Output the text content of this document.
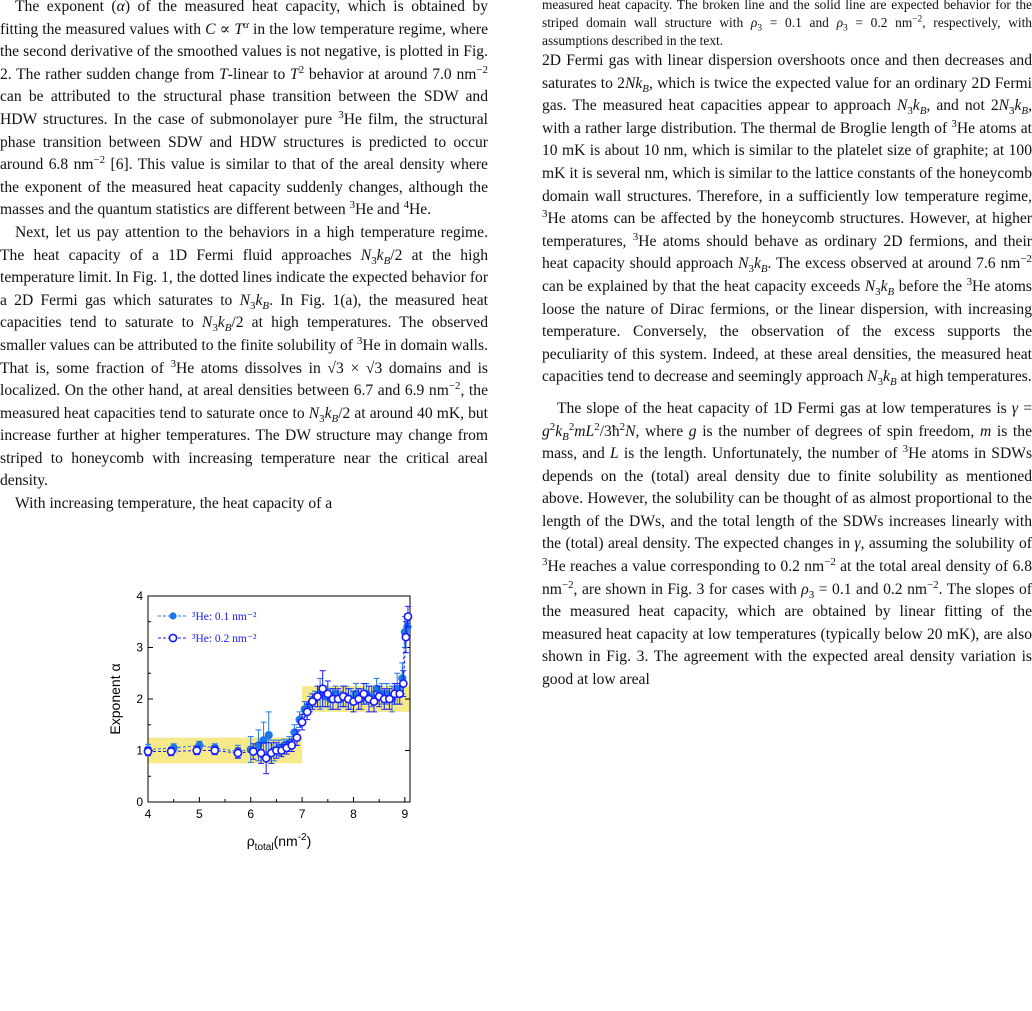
The exponent (α) of the measured heat capacity, which is obtained by fitting the measured values with $C \propto T^\alpha$ in the low temperature regime, where the second derivative of the smoothed values is not negative, is plotted in Fig. 2. The rather sudden change from T-linear to $T^2$ behavior at around 7.0 $nm^{-2}$ can be attributed to the structural phase transition between the SDW and HDW structures. In the case of submonolayer pure $^3$He film, the structural phase transition between SDW and HDW structures is predicted to occur around 6.8 $nm^{-2}$ [6]. This value is similar to that of the areal density where the exponent of the measured heat capacity suddenly changes, although the masses and the quantum statistics are different between $^3$He and $^4$He.

Next, let us pay attention to the behaviors in a high temperature regime. The heat capacity of a 1D Fermi fluid approaches $N_3k_B/2$ at the high temperature limit. In Fig. 1, the dotted lines indicate the expected behavior for a 2D Fermi gas which saturates to $N_3k_B$. In Fig. 1(a), the measured heat capacities tend to saturate to $N_3k_B/2$ at high temperatures. The observed smaller values can be attributed to the finite solubility of $^3$He in domain walls. That is, some fraction of $^3$He atoms dissolves in √3 × √3 domains and is localized. On the other hand, at areal densities between 6.7 and 6.9 $nm^{-2}$, the measured heat capacities tend to saturate once to $N_3k_B/2$ at around 40 mK, but increase further at higher temperatures. The DW structure may change from striped to honeycomb with increasing temperature near the critical areal density.

With increasing temperature, the heat capacity of a

4	5	6	7	8	9
0
1
2
3
4
Exponent α
$\rho_{total}(nm^{-2})$
³He: 0.1 nm⁻²
³He: 0.2 nm⁻²

measured heat capacity. The broken line and the solid line are expected behavior for the striped domain wall structure with $\rho_3 = 0.1$ and $\rho_3 = 0.2$ $nm^{-2}$, respectively, with assumptions described in the text.

2D Fermi gas with linear dispersion overshoots once and then decreases and saturates to $2Nk_B$, which is twice the expected value for an ordinary 2D Fermi gas. The measured heat capacities appear to approach $N_3k_B$, and not $2N_3k_B$, with a rather large distribution. The thermal de Broglie length of $^3$He atoms at 10 mK is about 10 nm, which is similar to the platelet size of graphite; at 100 mK it is several nm, which is similar to the lattice constants of the honeycomb domain wall structures. Therefore, in a sufficiently low temperature regime, $^3$He atoms can be affected by the honeycomb structures. However, at higher temperatures, $^3$He atoms should behave as ordinary 2D fermions, and their heat capacity should approach $N_3k_B$. The excess observed at around 7.6 $nm^{-2}$ can be explained by that the heat capacity exceeds $N_3k_B$ before the $^3$He atoms loose the nature of Dirac fermions, or the linear dispersion, with increasing temperature. Conversely, the observation of the excess supports the peculiarity of this system. Indeed, at these areal densities, the measured heat capacities tend to decrease and seemingly approach $N_3k_B$ at high temperatures.

The slope of the heat capacity of 1D Fermi gas at low temperatures is $\gamma = g^2k_B^2mL^2/3ħ^2N$, where g is the number of degrees of spin freedom, m is the mass, and L is the length. Unfortunately, the number of $^3$He atoms in SDWs depends on the (total) areal density due to finite solubility as mentioned above. However, the solubility can be thought of as almost proportional to the length of the DWs, and the total length of the SDWs increases linearly with the (total) areal density. The expected changes in γ, assuming the solubility of $^3$He reaches a value corresponding to 0.2 $nm^{-2}$ at the total areal density of 6.8 $nm^{-2}$, are shown in Fig. 3 for cases with $\rho_3 = 0.1$ and 0.2 $nm^{-2}$. The slopes of the measured heat capacity, which are obtained by linear fitting of the measured heat capacity at low temperatures (typically below 20 mK), are also shown in Fig. 3. The agreement with the expected areal density variation is good at low areal
